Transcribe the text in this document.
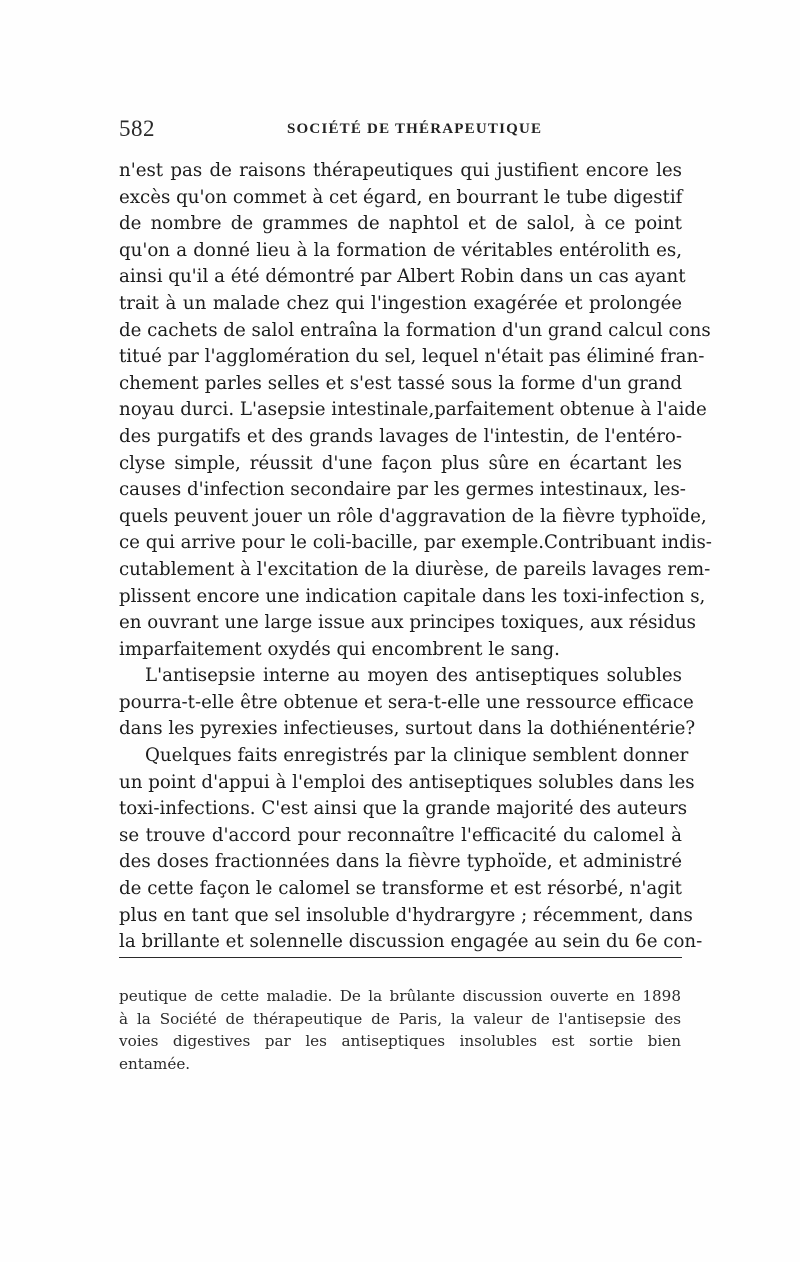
582	SOCIÉTÉ DE THÉRAPEUTIQUE
n'est pas de raisons thérapeutiques qui justifient encore les
excès qu'on commet à cet égard, en bourrant le tube digestif
de nombre de grammes de naphtol et de salol, à ce point
qu'on a donné lieu à la formation de véritables entérolith es,
ainsi qu'il a été démontré par Albert Robin dans un cas ayant
trait à un malade chez qui l'ingestion exagérée et prolongée
de cachets de salol entraîna la formation d'un grand calcul cons
titué par l'agglomération du sel, lequel n'était pas éliminé fran-
chement parles selles et s'est tassé sous la forme d'un grand
noyau durci. L'asepsie intestinale,parfaitement obtenue à l'aide
des purgatifs et des grands lavages de l'intestin, de l'entéro-
clyse simple, réussit d'une façon plus sûre en écartant les
causes d'infection secondaire par les germes intestinaux, les-
quels peuvent jouer un rôle d'aggravation de la fièvre typhoïde,
ce qui arrive pour le coli-bacille, par exemple.Contribuant indis-
cutablement à l'excitation de la diurèse, de pareils lavages rem-
plissent encore une indication capitale dans les toxi-infection s,
en ouvrant une large issue aux principes toxiques, aux résidus
imparfaitement oxydés qui encombrent le sang.
L'antisepsie interne au moyen des antiseptiques solubles
pourra-t-elle être obtenue et sera-t-elle une ressource efficace
dans les pyrexies infectieuses, surtout dans la dothiénentérie?
Quelques faits enregistrés par la clinique semblent donner
un point d'appui à l'emploi des antiseptiques solubles dans les
toxi-infections. C'est ainsi que la grande majorité des auteurs
se trouve d'accord pour reconnaître l'efficacité du calomel à
des doses fractionnées dans la fièvre typhoïde, et administré
de cette façon le calomel se transforme et est résorbé, n'agit
plus en tant que sel insoluble d'hydrargyre ; récemment, dans
la brillante et solennelle discussion engagée au sein du 6e con-
peutique de cette maladie. De la brûlante discussion ouverte en 1898
à la Société de thérapeutique de Paris, la valeur de l'antisepsie des
voies digestives par les antiseptiques insolubles est sortie bien
entamée.
